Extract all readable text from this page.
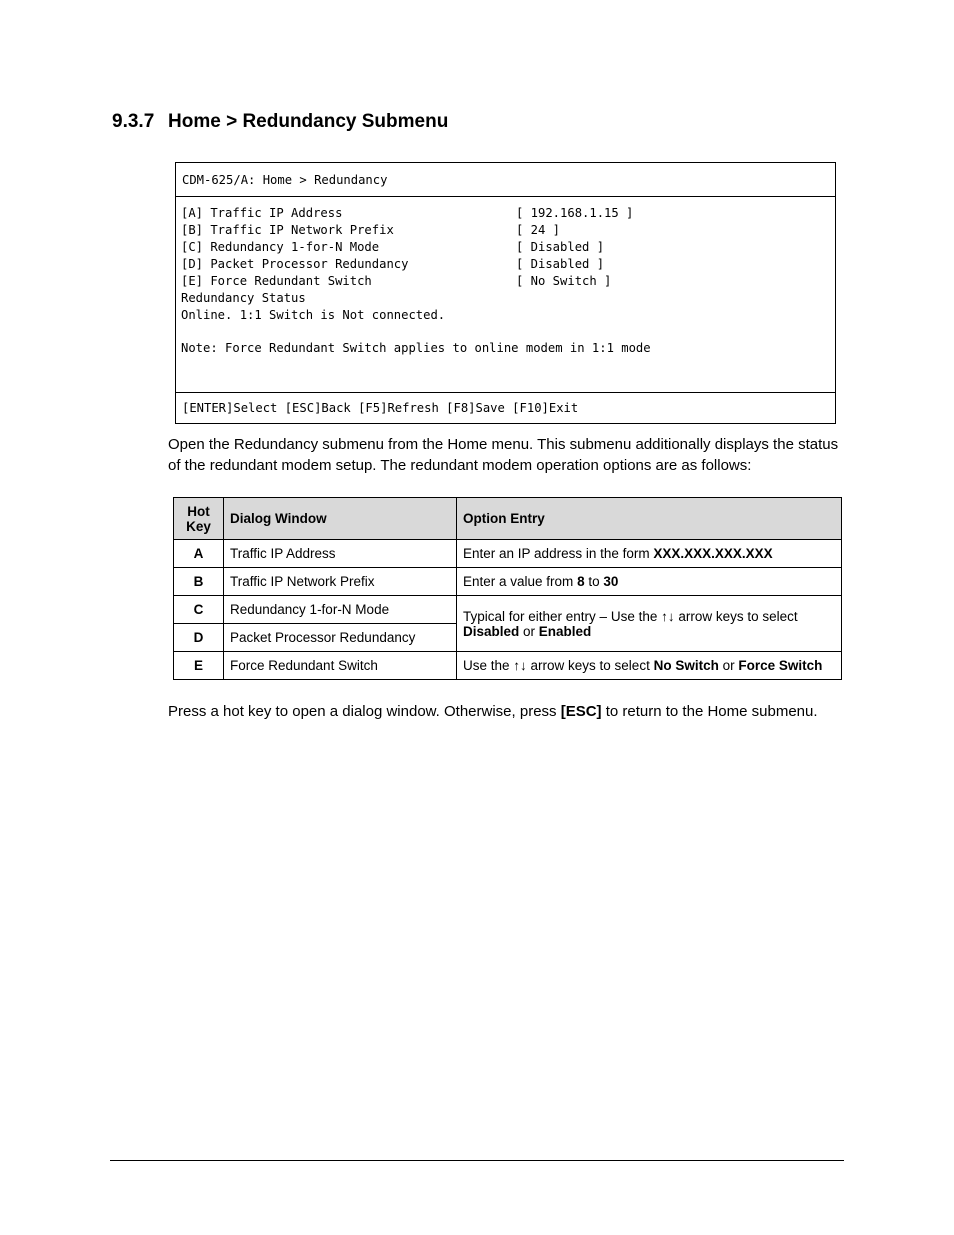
9.3.7 Home > Redundancy Submenu
CDM-625/A: Home > Redundancy
[A] Traffic IP Address	[ 192.168.1.15 ]
[B] Traffic IP Network Prefix	[ 24 ]
[C] Redundancy 1-for-N Mode	[ Disabled ]
[D] Packet Processor Redundancy	[ Disabled ]
[E] Force Redundant Switch	[ No Switch ]
Redundancy Status
Online. 1:1 Switch is Not connected.
Note: Force Redundant Switch applies to online modem in 1:1 mode
[ENTER]Select [ESC]Back [F5]Refresh [F8]Save [F10]Exit
Open the Redundancy submenu from the Home menu. This submenu additionally displays the status of the redundant modem setup. The redundant modem operation options are as follows:
Hot Key	Dialog Window	Option Entry
A	Traffic IP Address	Enter an IP address in the form XXX.XXX.XXX.XXX
B	Traffic IP Network Prefix	Enter a value from 8 to 30
C	Redundancy 1-for-N Mode	Typical for either entry – Use the ↑↓ arrow keys to select Disabled or Enabled
D	Packet Processor Redundancy	
E	Force Redundant Switch	Use the ↑↓ arrow keys to select No Switch or Force Switch
Press a hot key to open a dialog window. Otherwise, press [ESC] to return to the Home submenu.
